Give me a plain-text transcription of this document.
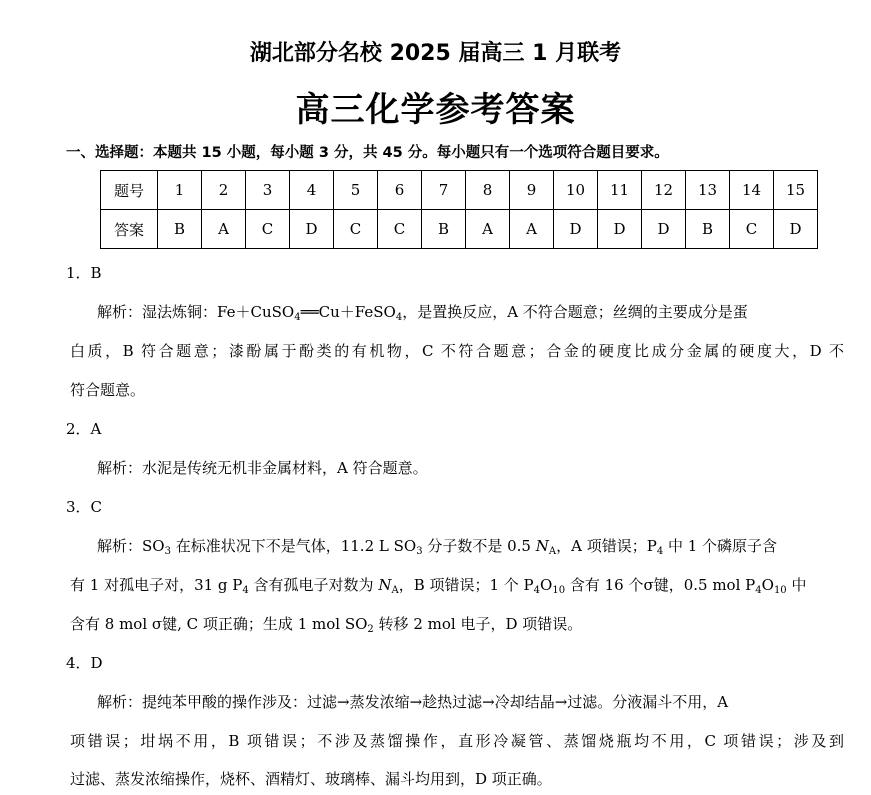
湖北部分名校 2025 届高三 1 月联考
高三化学参考答案
一、选择题：本题共 15 小题，每小题 3 分，共 45 分。每小题只有一个选项符合题目要求。
题号	1	2	3	4	5	6	7	8	9	10	11	12	13	14	15
答案	B	A	C	D	C	C	B	A	A	D	D	D	B	C	D
1．B
解析：湿法炼铜：Fe＋CuSO$_4$══Cu＋FeSO$_4$，是置换反应，A 不符合题意；丝绸的主要成分是蛋
白质，B 符合题意；漆酚属于酚类的有机物，C 不符合题意；合金的硬度比成分金属的硬度大，D 不
符合题意。
2．A
解析：水泥是传统无机非金属材料，A 符合题意。
3．C
解析：$SO_3$ 在标准状况下不是气体，11.2 L $SO_3$ 分子数不是 0.5 $N_A$，A 项错误；$P_4$ 中 1 个磷原子含
有 1 对孤电子对，31 g $P_4$ 含有孤电子对数为 $N_A$，B 项错误；1 个 $P_4O_{10}$ 含有 16 个σ键，0.5 mol $P_4O_{10}$ 中
含有 8 mol σ键, C 项正确；生成 1 mol $SO_2$ 转移 2 mol 电子，D 项错误。
4．D
解析：提纯苯甲酸的操作涉及：过滤→蒸发浓缩→趁热过滤→冷却结晶→过滤。分液漏斗不用，A
项错误；坩埚不用，B 项错误；不涉及蒸馏操作，直形冷凝管、蒸馏烧瓶均不用，C 项错误；涉及到
过滤、蒸发浓缩操作，烧杯、酒精灯、玻璃棒、漏斗均用到，D 项正确。
